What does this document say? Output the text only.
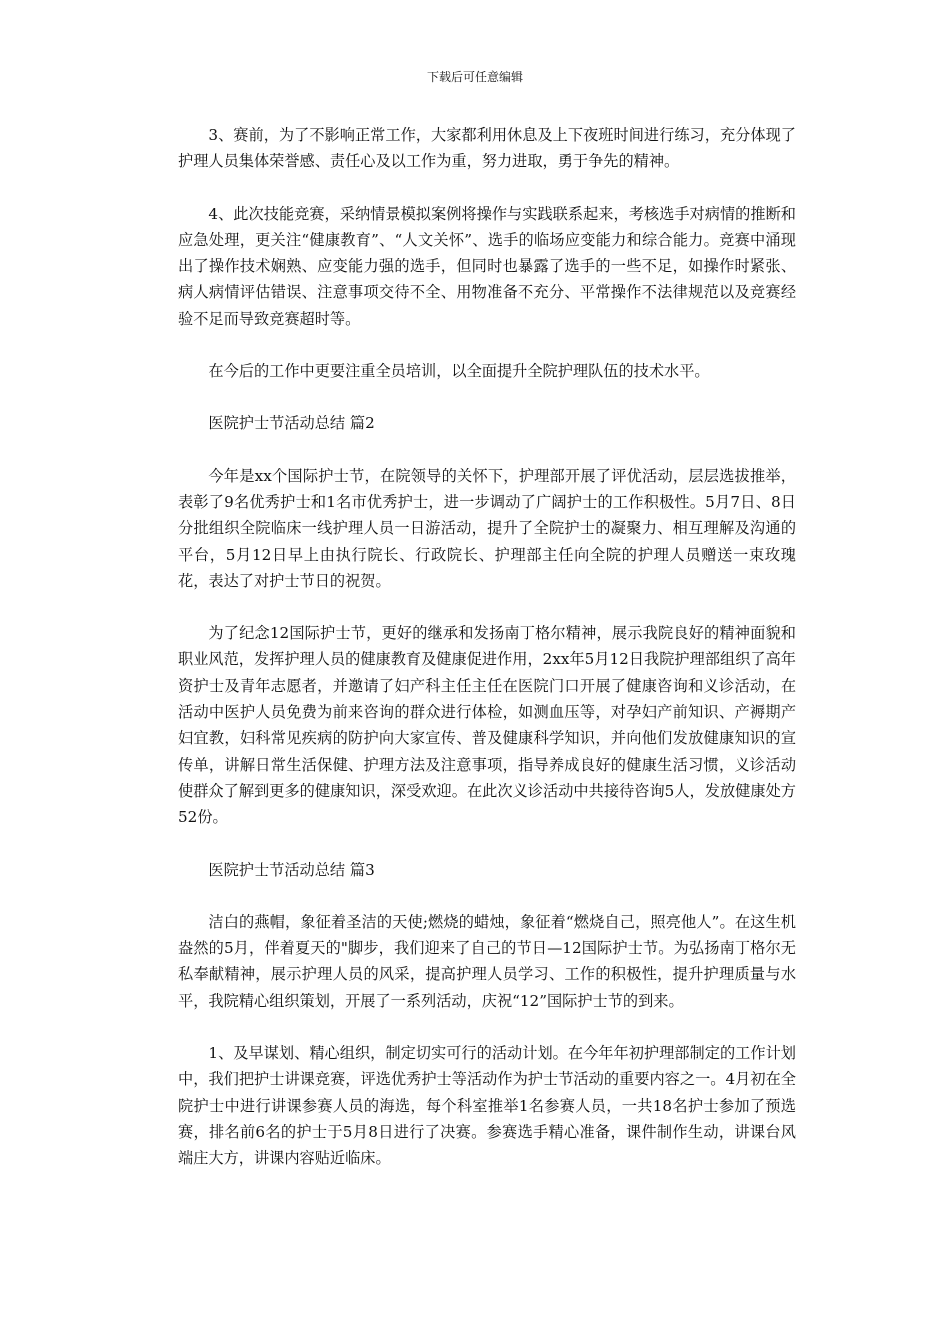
下载后可任意编辑

3、赛前，为了不影响正常工作，大家都利用休息及上下夜班时间进行练习，充分体现了护理人员集体荣誉感、责任心及以工作为重，努力进取，勇于争先的精神。

4、此次技能竞赛，采纳情景模拟案例将操作与实践联系起来，考核选手对病情的推断和应急处理，更关注“健康教育”、“人文关怀”、选手的临场应变能力和综合能力。竞赛中涌现出了操作技术娴熟、应变能力强的选手，但同时也暴露了选手的一些不足，如操作时紧张、病人病情评估错误、注意事项交待不全、用物准备不充分、平常操作不法律规范以及竞赛经验不足而导致竞赛超时等。

在今后的工作中更要注重全员培训，以全面提升全院护理队伍的技术水平。

医院护士节活动总结 篇2

今年是xx个国际护士节，在院领导的关怀下，护理部开展了评优活动，层层选拔推举，表彰了9名优秀护士和1名市优秀护士，进一步调动了广阔护士的工作积极性。5月7日、8日分批组织全院临床一线护理人员一日游活动，提升了全院护士的凝聚力、相互理解及沟通的平台，5月12日早上由执行院长、行政院长、护理部主任向全院的护理人员赠送一束玫瑰花，表达了对护士节日的祝贺。

为了纪念12国际护士节，更好的继承和发扬南丁格尔精神，展示我院良好的精神面貌和职业风范，发挥护理人员的健康教育及健康促进作用，2xx年5月12日我院护理部组织了高年资护士及青年志愿者，并邀请了妇产科主任主任在医院门口开展了健康咨询和义诊活动，在活动中医护人员免费为前来咨询的群众进行体检，如测血压等，对孕妇产前知识、产褥期产妇宜教，妇科常见疾病的防护向大家宣传、普及健康科学知识，并向他们发放健康知识的宣传单，讲解日常生活保健、护理方法及注意事项，指导养成良好的健康生活习惯，义诊活动使群众了解到更多的健康知识，深受欢迎。在此次义诊活动中共接待咨询5人，发放健康处方52份。

医院护士节活动总结 篇3

洁白的燕帽，象征着圣洁的天使;燃烧的蜡烛，象征着“燃烧自己，照亮他人”。在这生机盎然的5月，伴着夏天的"脚步，我们迎来了自己的节日—12国际护士节。为弘扬南丁格尔无私奉献精神，展示护理人员的风采，提高护理人员学习、工作的积极性，提升护理质量与水平，我院精心组织策划，开展了一系列活动，庆祝“12”国际护士节的到来。

1、及早谋划、精心组织，制定切实可行的活动计划。在今年年初护理部制定的工作计划中，我们把护士讲课竞赛，评选优秀护士等活动作为护士节活动的重要内容之一。4月初在全院护士中进行讲课参赛人员的海选，每个科室推举1名参赛人员，一共18名护士参加了预选赛，排名前6名的护士于5月8日进行了决赛。参赛选手精心准备，课件制作生动，讲课台风端庄大方，讲课内容贴近临床。
